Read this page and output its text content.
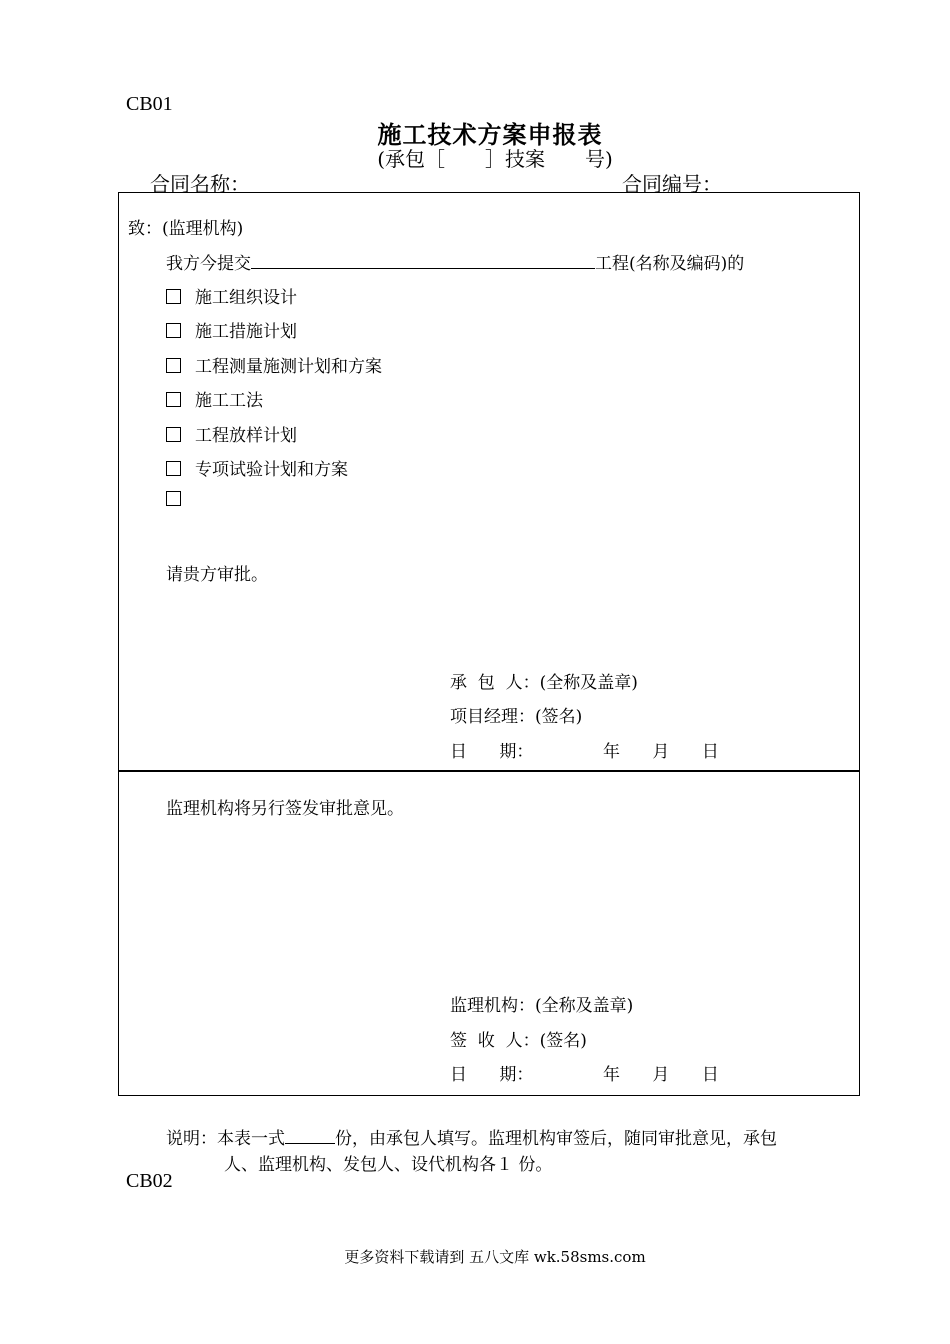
CB01
施工技术方案申报表
(承包［　　］技案　　号)
合同名称：	合同编号：
致：(监理机构)
我方今提交	工程(名称及编码)的
施工组织设计
施工措施计划
工程测量施测计划和方案
施工工法
工程放样计划
专项试验计划和方案
请贵方审批。
承  包  人：(全称及盖章)
项目经理：(签名)
日      期：	年      月      日
监理机构将另行签发审批意见。
监理机构：(全称及盖章)
签  收  人：(签名)
日      期：	年      月      日
说明：本表一式	份，由承包人填写。监理机构审签后，随同审批意见，承包
人、监理机构、发包人、设代机构各１ 份。
CB02
更多资料下载请到 五八文库 wk.58sms.com
